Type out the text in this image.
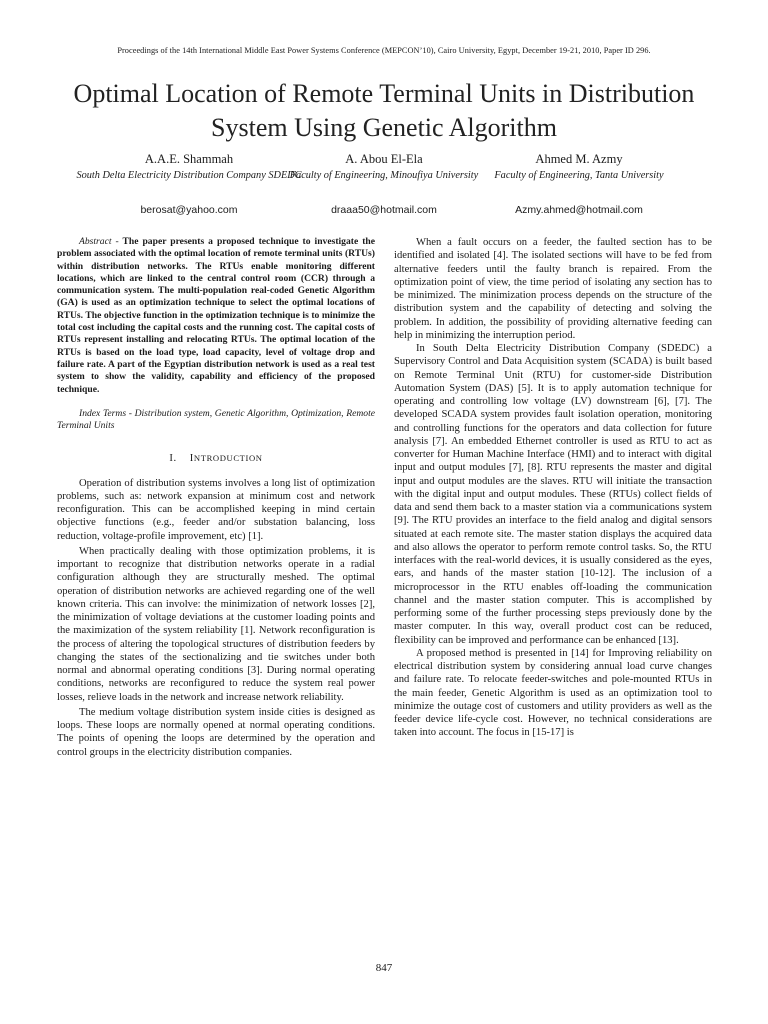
Proceedings of the 14th International Middle East Power Systems Conference (MEPCON’10), Cairo University, Egypt, December 19-21, 2010, Paper ID 296.
Optimal Location of Remote Terminal Units in Distribution System Using Genetic Algorithm
A.A.E. Shammah
South Delta Electricity Distribution Company SDEDC
berosat@yahoo.com
A. Abou El-Ela
Faculty of Engineering, Minoufiya University
draaa50@hotmail.com
Ahmed M. Azmy
Faculty of Engineering, Tanta University
Azmy.ahmed@hotmail.com

Abstract - The paper presents a proposed technique to investigate the problem associated with the optimal location of remote terminal units (RTUs) within distribution networks. The RTUs enable monitoring different locations, which are linked to the central control room (CCR) through a communication system. The multi-population real-coded Genetic Algorithm (GA) is used as an optimization technique to select the optimal locations of RTUs. The objective function in the optimization technique is to minimize the total cost including the capital costs and the running cost. The capital costs of RTUs represent installing and relocating RTUs. The optimal location of the RTUs is based on the load type, load capacity, level of voltage drop and failure rate. A part of the Egyptian distribution network is used as a real test system to show the validity, capability and efficiency of the proposed technique.

Index Terms - Distribution system, Genetic Algorithm, Optimization, Remote Terminal Units

I. INTRODUCTION

Operation of distribution systems involves a long list of optimization problems, such as: network expansion at minimum cost and network reconfiguration. This can be accomplished keeping in mind certain objective functions (e.g., feeder and/or substation balancing, loss reduction, voltage-profile improvement, etc) [1].

When practically dealing with those optimization problems, it is important to recognize that distribution networks operate in a radial configuration although they are structurally meshed. The optimal operation of distribution networks are achieved regarding one of the well known criteria. This can involve: the minimization of network losses [2], the minimization of voltage deviations at the customer loading points and the maximization of the system reliability [1]. Network reconfiguration is the process of altering the topological structures of distribution feeders by changing the states of the sectionalizing and tie switches under both normal and abnormal operating conditions [3]. During normal operating conditions, networks are reconfigured to reduce the system real power losses, relieve loads in the network and increase network reliability.

The medium voltage distribution system inside cities is designed as loops. These loops are normally opened at normal operating conditions. The points of opening the loops are determined by the operation and control groups in the electricity distribution companies.

When a fault occurs on a feeder, the faulted section has to be identified and isolated [4]. The isolated sections will have to be fed from alternative feeders until the faulty branch is repaired. From the optimization point of view, the time period of isolating any section has to be minimized. The minimization process depends on the structure of the distribution system and the capability of detecting and solving the problem. In addition, the possibility of providing alternative feeding can help in minimizing the interruption period.

In South Delta Electricity Distribution Company (SDEDC) a Supervisory Control and Data Acquisition system (SCADA) is built based on Remote Terminal Unit (RTU) for customer-side Distribution Automation System (DAS) [5]. It is to apply automation technique for operating and controlling low voltage (LV) downstream [6], [7]. The developed SCADA system provides fault isolation operation, monitoring and controlling functions for the operators and data collection for future analysis [7]. An embedded Ethernet controller is used as RTU to act as converter for Human Machine Interface (HMI) and to interact with digital input and output modules [7], [8]. RTU represents the master and digital input and output modules are the slaves. RTU will initiate the transaction with the digital input and output modules. These (RTUs) collect fields of data and send them back to a master station via a communications system [9]. The RTU provides an interface to the field analog and digital sensors situated at each remote site. The master station displays the acquired data and also allows the operator to perform remote control tasks. So, the RTU interfaces with the real-world devices, it is usually considered as the eyes, ears, and hands of the master station [10-12]. The inclusion of a microprocessor in the RTU enables off-loading the communication channel and the master station computer. This is accomplished by performing some of the further processing steps previously done by the master computer. In this way, overall product cost can be reduced, flexibility can be improved and performance can be enhanced [13].

A proposed method is presented in [14] for Improving reliability on electrical distribution system by considering annual load curve changes and failure rate. To relocate feeder-switches and pole-mounted RTUs in the main feeder, Genetic Algorithm is used as an optimization tool to minimize the outage cost of customers and utility providers as well as the feeder device life-cycle cost. However, no technical considerations are taken into account. The focus in [15-17] is

847
